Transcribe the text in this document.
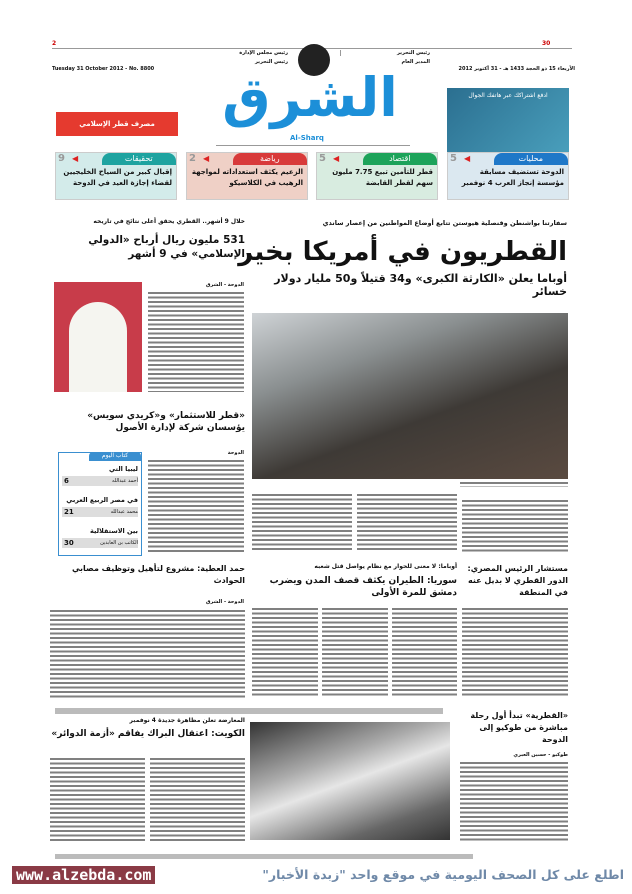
2	30
Tuesday 31 October 2012 - No. 8800	الأربعاء 15 ذو الحجة 1433 هـ - 31 أكتوبر 2012
رئيس مجلس الإدارة
رئيس التحرير
رئيس التحرير
المدير العام
ادفع اشتراكك عبر هاتفك الجوال
مصرف قطر الإسلامي	الشرق
Al-Sharq
محليات
5 ◀
الدوحة تستضيف مسابقة مؤسسة إنجاز العرب 4 نوفمبر
اقتصاد
5 ◀
قطر للتأمين تبيع 7.75 مليون سهم لقطر القابضة
رياضة
2 ◀
الزعيم يكثف استعداداته لمواجهة الرهيب في الكلاسيكو
تحقيقات
9 ◀
إقبال كبير من السياح الخليجيين لقضاء إجازة العيد في الدوحة
سفارتنا بواشنطن وقنصلية هيوستن تتابع أوضاع المواطنين من إعصار ساندي
القطريون في أمريكا بخير
أوباما يعلن «الكارثة الكبرى» و34 قتيلاً و50 مليار دولار خسائر
خلال 9 أشهر.. القطري يحقق أعلى نتائج في تاريخه
531 مليون ريال أرباح «الدولي الإسلامي» في 9 أشهر
الدوحة - الشرق
«قطر للاستثمار» و«كريدي سويس» يؤسسان شركة لإدارة الأصول
الدوحة
كتاب اليوم
ليبيا التي
أحمد عبدالله
6
في مصر الربيع العربي
محمد عبدالله
21
بين الاستقلالية
الكاتب بن العابدين
30
مستشار الرئيس المصري: الدور القطري لا بديل عنه في المنطقة
أوباما: لا معنى للحوار مع نظام يواصل قتل شعبه
سوريا: الطيران يكثف قصف المدن ويضرب دمشق للمرة الأولى
حمد العطية: مشروع لتأهيل وتوظيف مصابي الحوادث
الدوحة - الشرق
«القطرية» تبدأ أول رحلة مباشرة من طوكيو إلى الدوحة
طوكيو - حسين العبري
المعارضة تعلن مظاهرة جديدة 4 نوفمبر
الكويت: اعتقال البراك يفاقم «أزمة الدوائر»
اطلع على كل الصحف اليومية في موقع واحد "زبدة الأخبار"
www.alzebda.com
